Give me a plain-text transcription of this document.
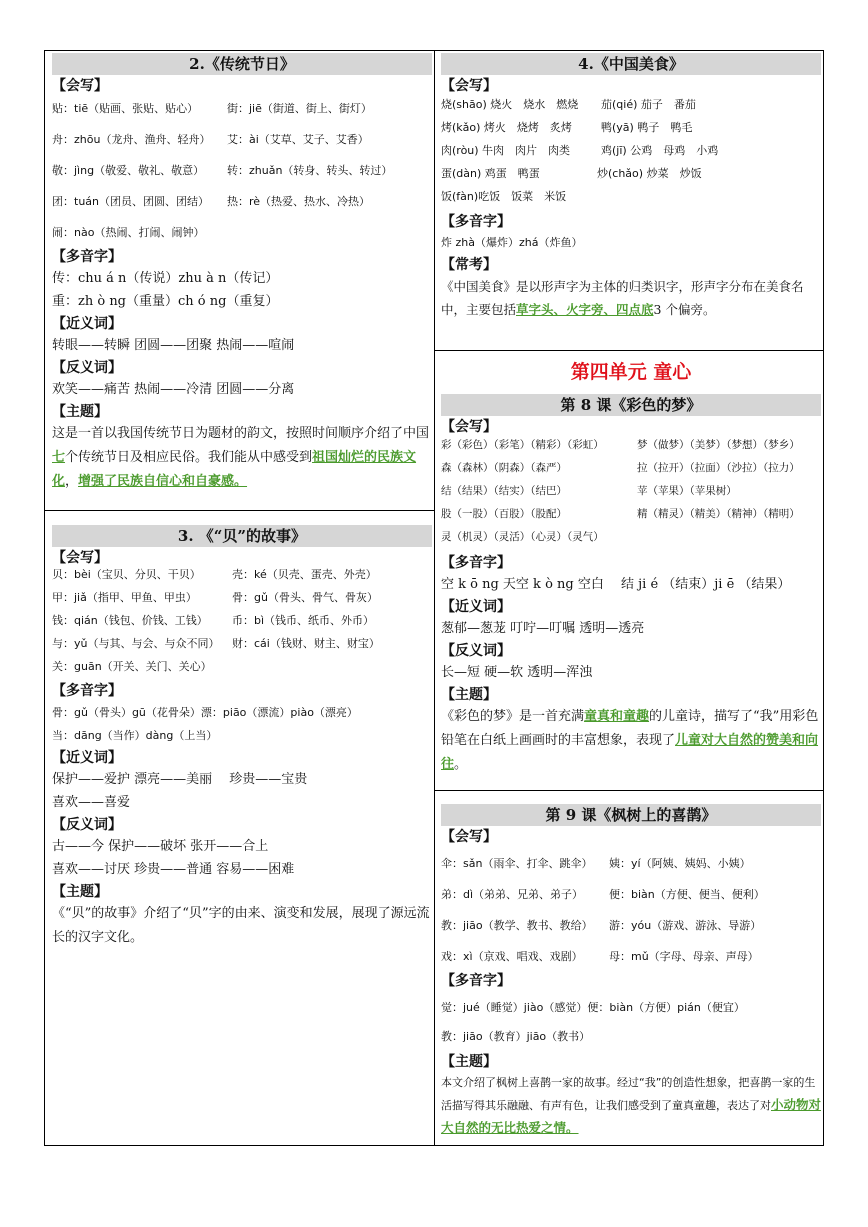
2.《传统节日》
【会写】
贴：tiē（贴画、张贴、贴心）	街：jiē（街道、街上、街灯）
舟：zhōu（龙舟、渔舟、轻舟）	艾：ài（艾草、艾子、艾香）
敬：jìng（敬爱、敬礼、敬意）	转：zhuǎn（转身、转头、转过）
团：tuán（团员、团圆、团结）	热：rè（热爱、热水、冷热）
闹：nào（热闹、打闹、闹钟）
【多音字】
传：chu á n（传说）zhu à n（传记）
重：zh ò ng（重量）ch ó ng（重复）
【近义词】
转眼——转瞬 团圆——团聚 热闹——喧闹
【反义词】
欢笑——痛苦 热闹——冷清 团圆——分离
【主题】
这是一首以我国传统节日为题材的韵文，按照时间顺序介绍了中国七个传统节日及相应民俗。我们能从中感受到祖国灿烂的民族文化，增强了民族自信心和自豪感。
3. 《“贝”的故事》
【会写】
贝：bèi（宝贝、分贝、干贝）	壳：ké（贝壳、蛋壳、外壳）
甲：jiǎ（指甲、甲鱼、甲虫）	骨：gǔ（骨头、骨气、骨灰）
钱：qián（钱包、价钱、工钱）	币：bì（钱币、纸币、外币）
与：yǔ（与其、与会、与众不同）	财：cái（钱财、财主、财宝）
关：guān（开关、关门、关心）
【多音字】
骨：gǔ（骨头）gū（花骨朵）漂：piāo（漂流）piào（漂亮）
当：dāng（当作）dàng（上当）
【近义词】
保护——爱护 漂亮——美丽　 珍贵——宝贵
喜欢——喜爱
【反义词】
古——今 保护——破坏 张开——合上
喜欢——讨厌 珍贵——普通 容易——困难
【主题】
《“贝”的故事》介绍了“贝”字的由来、演变和发展，展现了源远流长的汉字文化。
4.《中国美食》
【会写】
烧(shāo) 烧火　烧水　燃烧	茄(qié) 茄子　番茄
烤(kǎo) 烤火　烧烤　炙烤	鸭(yā) 鸭子　鸭毛
肉(ròu) 牛肉　肉片　肉类	鸡(jī) 公鸡　母鸡　小鸡
蛋(dàn) 鸡蛋　鸭蛋	炒(chǎo) 炒菜　炒饭
饭(fàn)吃饭　饭菜　米饭
【多音字】
炸 zhà（爆炸）zhá（炸鱼）
【常考】
《中国美食》是以形声字为主体的归类识字，形声字分布在美食名中，主要包括草字头、火字旁、四点底3 个偏旁。
第四单元 童心
第 8 课《彩色的梦》
【会写】
彩（彩色）（彩笔）（精彩）（彩虹）	梦（做梦）（美梦）（梦想）（梦乡）
森（森林）（阴森）（森严）	拉（拉开）（拉面）（沙拉）（拉力）
结（结果）（结实）（结巴）	苹（苹果）（苹果树）
股（一股）（百股）（股配）	精（精灵）（精美）（精神）（精明）
灵（机灵）（灵活）（心灵）（灵气）
【多音字】
空 k ō ng 天空 k ò ng 空白　 结 ji é （结束）ji ē （结果）
【近义词】
葱郁—葱茏 叮咛—叮嘱 透明—透亮
【反义词】
长—短 硬—软 透明—浑浊
【主题】
《彩色的梦》是一首充满童真和童趣的儿童诗，描写了“我”用彩色铅笔在白纸上画画时的丰富想象，表现了儿童对大自然的赞美和向往。
第 9 课《枫树上的喜鹊》
【会写】
伞：sǎn（雨伞、打伞、跳伞）	姨：yí（阿姨、姨妈、小姨）
弟：dì（弟弟、兄弟、弟子）	便：biàn（方便、便当、便利）
教：jiāo（教学、教书、教给）	游：yóu（游戏、游泳、导游）
戏：xì（京戏、唱戏、戏剧）	母：mǔ（字母、母亲、声母）
【多音字】
觉：jué（睡觉）jiào（感觉）便：biàn（方便）pián（便宜）
教：jiāo（教育）jiāo（教书）
【主题】
本文介绍了枫树上喜鹊一家的故事。经过“我”的创造性想象，把喜鹊一家的生活描写得其乐融融、有声有色，让我们感受到了童真童趣，表达了对小动物对大自然的无比热爱之情。
